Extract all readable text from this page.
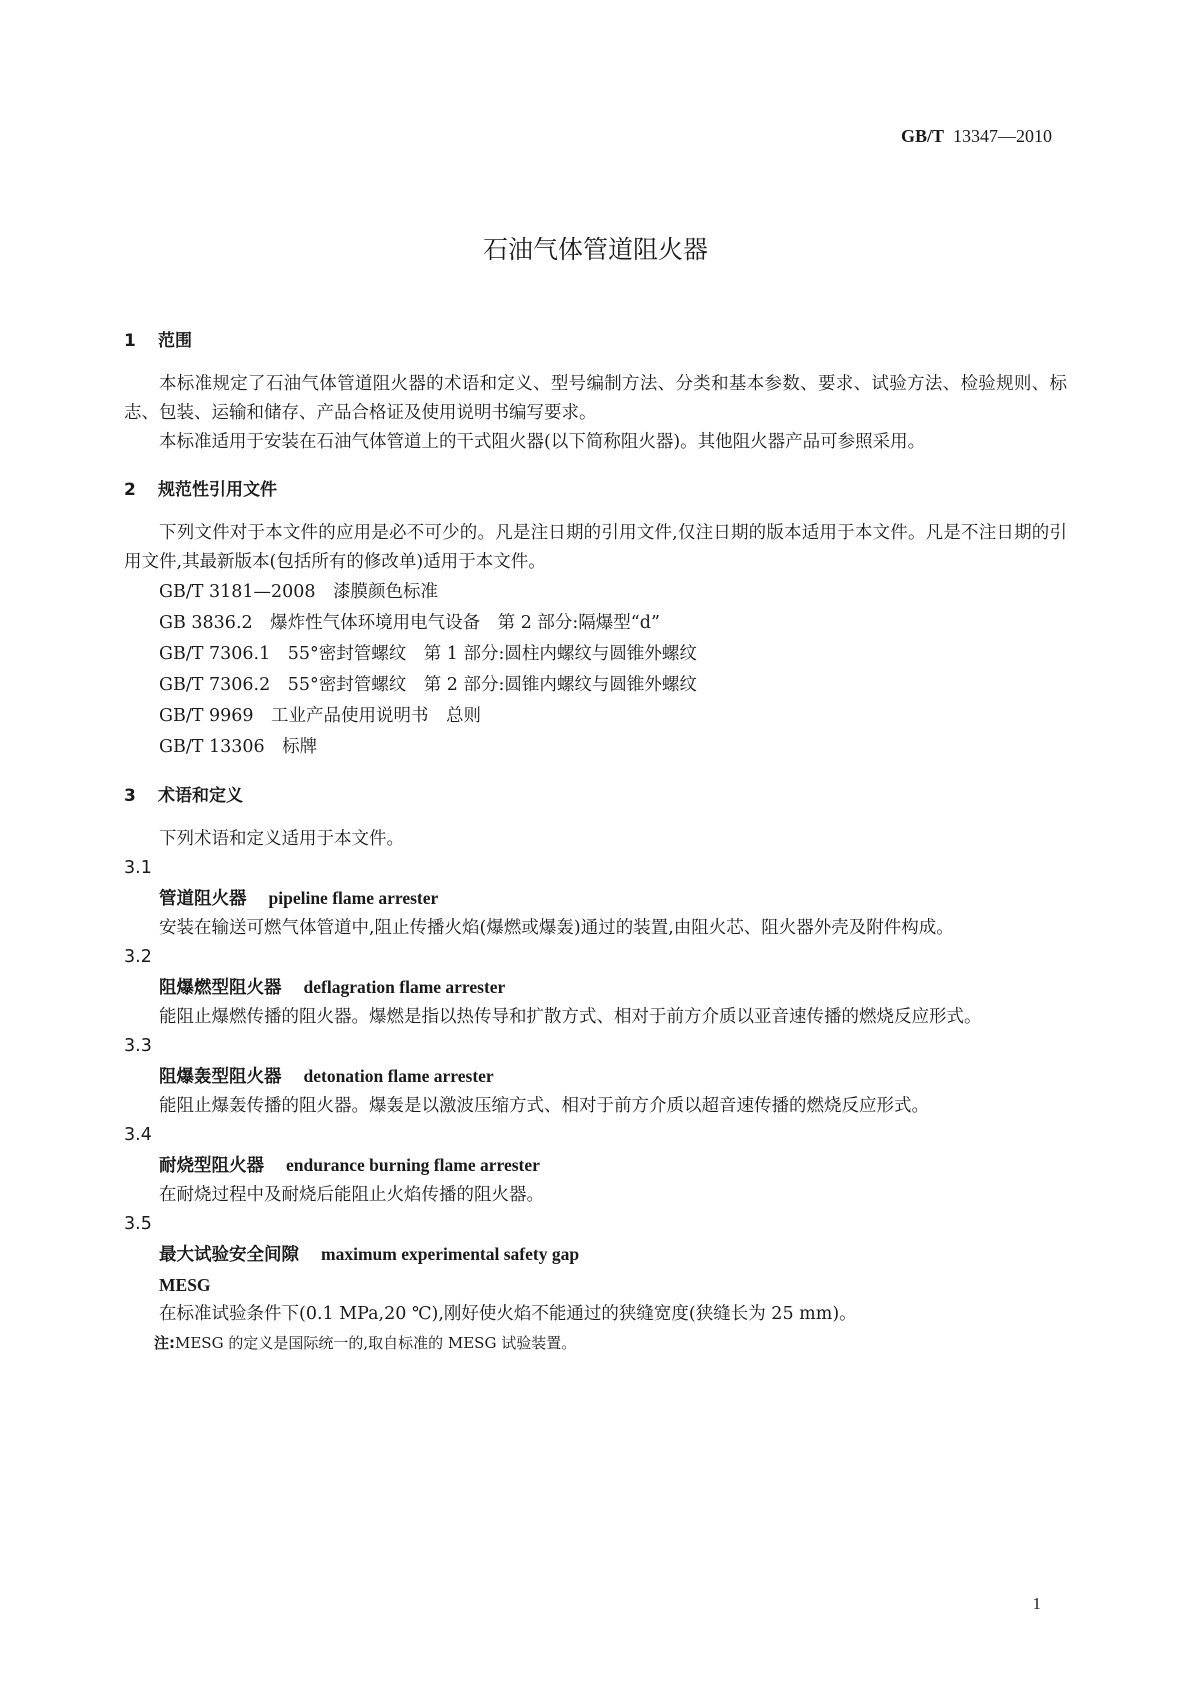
GB/T 13347—2010
石油气体管道阻火器
1 范围
本标准规定了石油气体管道阻火器的术语和定义、型号编制方法、分类和基本参数、要求、试验方法、检验规则、标志、包装、运输和储存、产品合格证及使用说明书编写要求。
本标准适用于安装在石油气体管道上的干式阻火器(以下简称阻火器)。其他阻火器产品可参照采用。
2 规范性引用文件
下列文件对于本文件的应用是必不可少的。凡是注日期的引用文件,仅注日期的版本适用于本文件。凡是不注日期的引用文件,其最新版本(包括所有的修改单)适用于本文件。
GB/T 3181—2008　漆膜颜色标准
GB 3836.2　爆炸性气体环境用电气设备　第 2 部分:隔爆型“d”
GB/T 7306.1　55°密封管螺纹　第 1 部分:圆柱内螺纹与圆锥外螺纹
GB/T 7306.2　55°密封管螺纹　第 2 部分:圆锥内螺纹与圆锥外螺纹
GB/T 9969　工业产品使用说明书　总则
GB/T 13306　标牌
3 术语和定义
下列术语和定义适用于本文件。
3.1
管道阻火器 pipeline flame arrester
安装在输送可燃气体管道中,阻止传播火焰(爆燃或爆轰)通过的装置,由阻火芯、阻火器外壳及附件构成。
3.2
阻爆燃型阻火器 deflagration flame arrester
能阻止爆燃传播的阻火器。爆燃是指以热传导和扩散方式、相对于前方介质以亚音速传播的燃烧反应形式。
3.3
阻爆轰型阻火器 detonation flame arrester
能阻止爆轰传播的阻火器。爆轰是以激波压缩方式、相对于前方介质以超音速传播的燃烧反应形式。
3.4
耐烧型阻火器 endurance burning flame arrester
在耐烧过程中及耐烧后能阻止火焰传播的阻火器。
3.5
最大试验安全间隙 maximum experimental safety gap
MESG
在标准试验条件下(0.1 MPa,20 ℃),刚好使火焰不能通过的狭缝宽度(狭缝长为 25 mm)。
注:MESG 的定义是国际统一的,取自标准的 MESG 试验装置。
1
